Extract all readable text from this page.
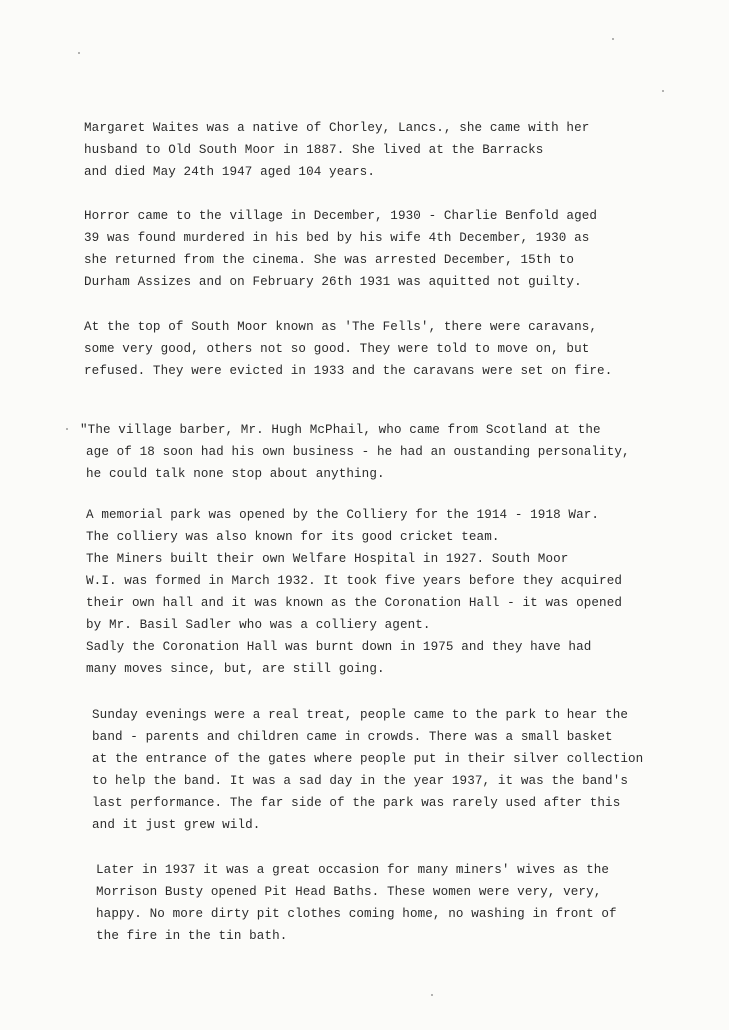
Margaret Waites was a native of Chorley, Lancs., she came with her
husband to Old South Moor in 1887. She lived at the Barracks
and died May 24th 1947 aged 104 years.
Horror came to the village in December, 1930 - Charlie Benfold aged
39 was found murdered in his bed by his wife 4th December, 1930 as
she returned from the cinema. She was arrested December, 15th to
Durham Assizes and on February 26th 1931 was aquitted not guilty.
At the top of South Moor known as 'The Fells', there were caravans,
some very good, others not so good. They were told to move on, but
refused. They were evicted in 1933 and the caravans were set on fire.
"The village barber, Mr. Hugh McPhail, who came from Scotland at the
age of 18 soon had his own business - he had an oustanding personality,
he could talk none stop about anything.
A memorial park was opened by the Colliery for the 1914 - 1918 War.
The colliery was also known for its good cricket team.
The Miners built their own Welfare Hospital in 1927. South Moor
W.I. was formed in March 1932. It took five years before they acquired
their own hall and it was known as the Coronation Hall - it was opened
by Mr. Basil Sadler who was a colliery agent.
Sadly the Coronation Hall was burnt down in 1975 and they have had
many moves since, but, are still going.
Sunday evenings were a real treat, people came to the park to hear the
band - parents and children came in crowds. There was a small basket
at the entrance of the gates where people put in their silver collection
to help the band. It was a sad day in the year 1937, it was the band's
last performance. The far side of the park was rarely used after this
and it just grew wild.
Later in 1937 it was a great occasion for many miners' wives as the
Morrison Busty opened Pit Head Baths. These women were very, very,
happy. No more dirty pit clothes coming home, no washing in front of
the fire in the tin bath.
